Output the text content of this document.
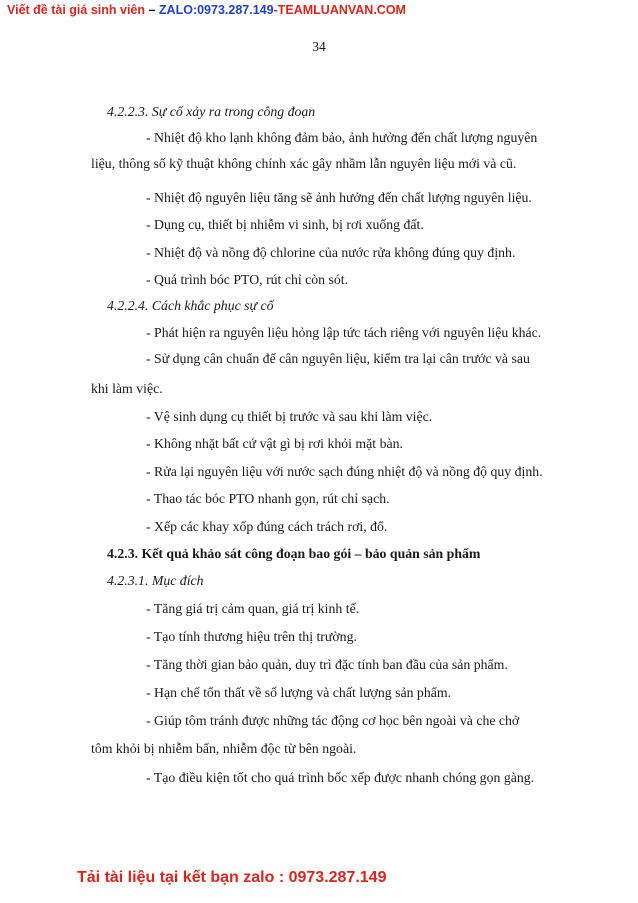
Viết đề tài giá sinh viên – ZALO:0973.287.149-TEAMLUANVAN.COM
34
4.2.2.3. Sự cố xảy ra trong công đoạn
- Nhiệt độ kho lạnh không đảm bảo, ảnh hưởng đến chất lượng nguyên
liệu, thông số kỹ thuật không chính xác gây nhầm lẫn nguyên liệu mới và cũ.
- Nhiệt độ nguyên liệu tăng sẽ ảnh hưởng đến chất lượng nguyên liệu.
- Dụng cụ, thiết bị nhiễm vi sinh, bị rơi xuống đất.
- Nhiệt độ và nồng độ chlorine của nước rửa không đúng quy định.
- Quá trình bóc PTO, rút chỉ còn sót.
4.2.2.4. Cách khắc phục sự cố
- Phát hiện ra nguyên liệu hỏng lập tức tách riêng với nguyên liệu khác.
- Sử dụng cân chuẩn để cân nguyên liệu, kiểm tra lại cân trước và sau
khi làm việc.
- Vệ sinh dụng cụ thiết bị trước và sau khi làm việc.
- Không nhặt bất cứ vật gì bị rơi khỏi mặt bàn.
- Rửa lại nguyên liệu với nước sạch đúng nhiệt độ và nồng độ quy định.
- Thao tác bóc PTO nhanh gọn, rút chỉ sạch.
- Xếp các khay xốp đúng cách trách rơi, đổ.
4.2.3. Kết quả khảo sát công đoạn bao gói – bảo quản sản phẩm
4.2.3.1. Mục đích
- Tăng giá trị cảm quan, giá trị kinh tế.
- Tạo tính thương hiệu trên thị trường.
- Tăng thời gian bảo quản, duy trì đặc tính ban đầu của sản phẩm.
- Hạn chế tổn thất về số lượng và chất lượng sản phẩm.
- Giúp tôm tránh được những tác động cơ học bên ngoài và che chở
tôm khỏi bị nhiễm bẩn, nhiễm độc từ bên ngoài.
- Tạo điều kiện tốt cho quá trình bốc xếp được nhanh chóng gọn gàng.
Tải tài liệu tại kết bạn zalo : 0973.287.149
